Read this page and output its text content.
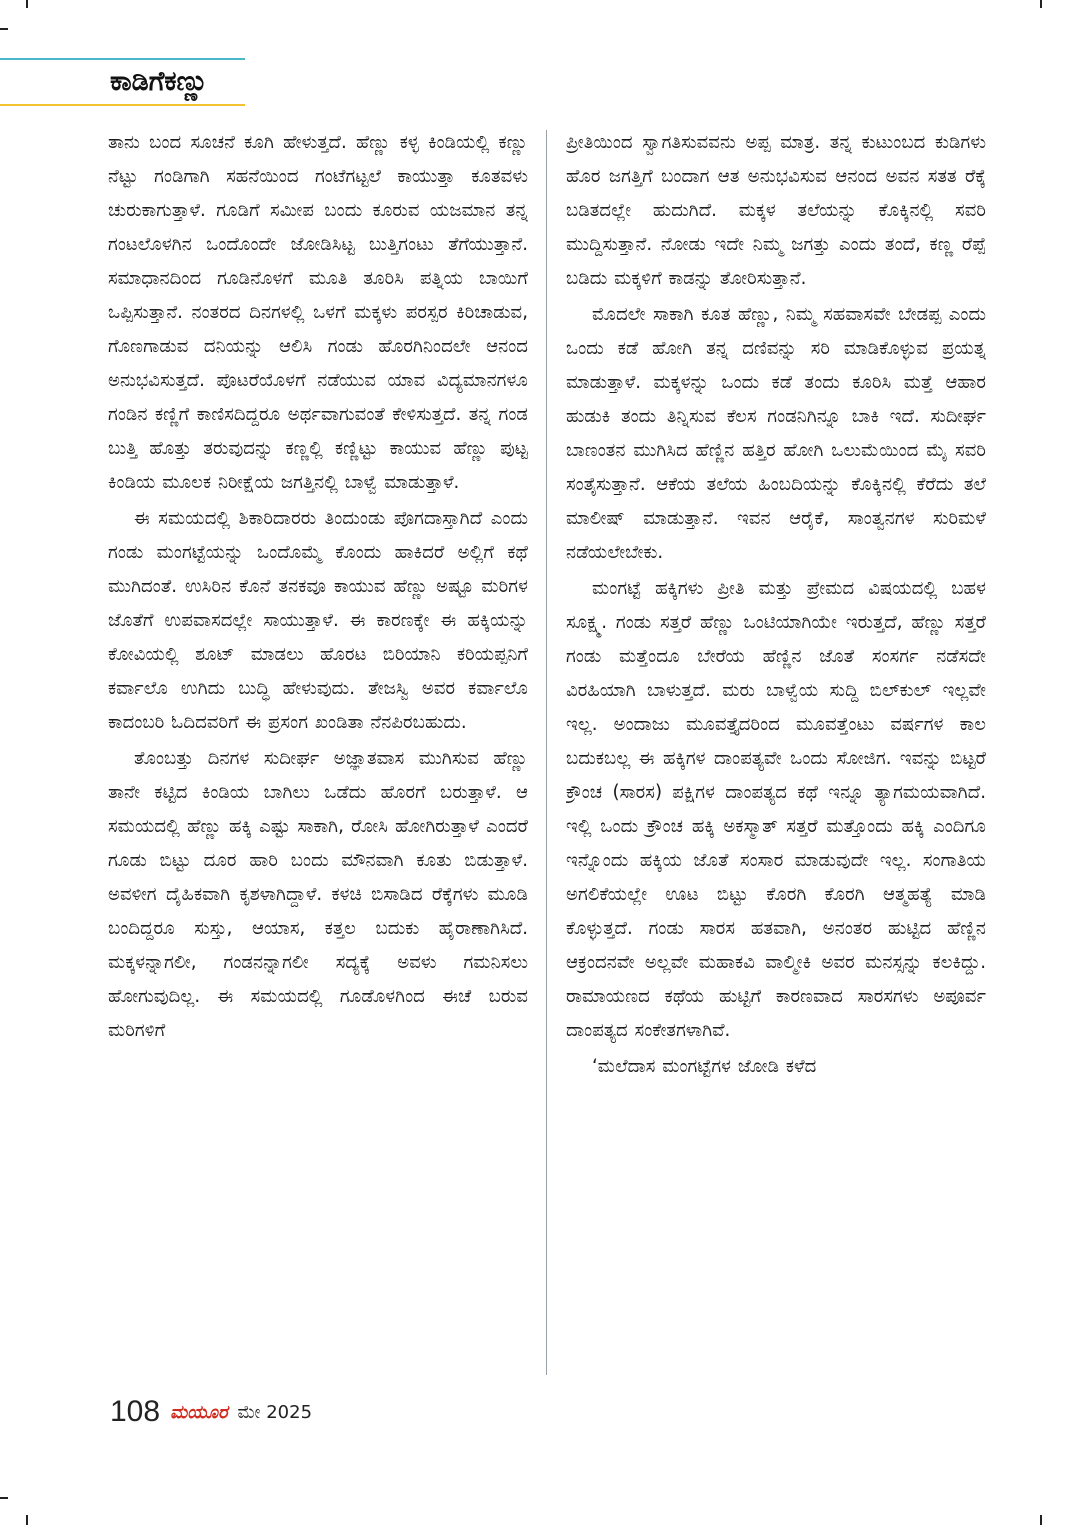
ಕಾಡಿಗೆಕಣ್ಣು

ತಾನು ಬಂದ ಸೂಚನೆ ಕೂಗಿ ಹೇಳುತ್ತದೆ. ಹೆಣ್ಣು ಕಳ್ಳ ಕಿಂಡಿಯಲ್ಲಿ ಕಣ್ಣು ನೆಟ್ಟು ಗಂಡಿಗಾಗಿ ಸಹನೆಯಿಂದ ಗಂಟೆಗಟ್ಟಲೆ ಕಾಯುತ್ತಾ ಕೂತವಳು ಚುರುಕಾಗುತ್ತಾಳೆ. ಗೂಡಿಗೆ ಸಮೀಪ ಬಂದು ಕೂರುವ ಯಜಮಾನ ತನ್ನ ಗಂಟಲೊಳಗಿನ ಒಂದೊಂದೇ ಜೋಡಿಸಿಟ್ಟ ಬುತ್ತಿಗಂಟು ತೆಗೆಯುತ್ತಾನೆ. ಸಮಾಧಾನದಿಂದ ಗೂಡಿನೊಳಗೆ ಮೂತಿ ತೂರಿಸಿ ಪತ್ನಿಯ ಬಾಯಿಗೆ ಒಪ್ಪಿಸುತ್ತಾನೆ. ನಂತರದ ದಿನಗಳಲ್ಲಿ ಒಳಗೆ ಮಕ್ಕಳು ಪರಸ್ಪರ ಕಿರಿಚಾಡುವ, ಗೊಣಗಾಡುವ ದನಿಯನ್ನು ಆಲಿಸಿ ಗಂಡು ಹೊರಗಿನಿಂದಲೇ ಆನಂದ ಅನುಭವಿಸುತ್ತದೆ. ಪೊಟರೆಯೊಳಗೆ ನಡೆಯುವ ಯಾವ ವಿದ್ಯಮಾನಗಳೂ ಗಂಡಿನ ಕಣ್ಣಿಗೆ ಕಾಣಿಸದಿದ್ದರೂ ಅರ್ಥವಾಗುವಂತೆ ಕೇಳಿಸುತ್ತದೆ. ತನ್ನ ಗಂಡ ಬುತ್ತಿ ಹೊತ್ತು ತರುವುದನ್ನು ಕಣ್ಣಲ್ಲಿ ಕಣ್ಣಿಟ್ಟು ಕಾಯುವ ಹೆಣ್ಣು ಪುಟ್ಟ ಕಿಂಡಿಯ ಮೂಲಕ ನಿರೀಕ್ಷೆಯ ಜಗತ್ತಿನಲ್ಲಿ ಬಾಳ್ವೆ ಮಾಡುತ್ತಾಳೆ.

ಈ ಸಮಯದಲ್ಲಿ ಶಿಕಾರಿದಾರರು ತಿಂದುಂಡು ಪೊಗದಾಸ್ತಾಗಿದೆ ಎಂದು ಗಂಡು ಮಂಗಟ್ಟೆಯನ್ನು ಒಂದೊಮ್ಮೆ ಕೊಂದು ಹಾಕಿದರೆ ಅಲ್ಲಿಗೆ ಕಥೆ ಮುಗಿದಂತೆ. ಉಸಿರಿನ ಕೊನೆ ತನಕವೂ ಕಾಯುವ ಹೆಣ್ಣು ಅಷ್ಟೂ ಮರಿಗಳ ಜೊತೆಗೆ ಉಪವಾಸದಲ್ಲೇ ಸಾಯುತ್ತಾಳೆ. ಈ ಕಾರಣಕ್ಕೇ ಈ ಹಕ್ಕಿಯನ್ನು ಕೋವಿಯಲ್ಲಿ ಶೂಟ್ ಮಾಡಲು ಹೊರಟ ಬಿರಿಯಾನಿ ಕರಿಯಪ್ಪನಿಗೆ ಕರ್ವಾಲೊ ಉಗಿದು ಬುದ್ಧಿ ಹೇಳುವುದು. ತೇಜಸ್ವಿ ಅವರ ಕರ್ವಾಲೊ ಕಾದಂಬರಿ ಓದಿದವರಿಗೆ ಈ ಪ್ರಸಂಗ ಖಂಡಿತಾ ನೆನಪಿರಬಹುದು.

ತೊಂಬತ್ತು ದಿನಗಳ ಸುದೀರ್ಘ ಅಜ್ಞಾತವಾಸ ಮುಗಿಸುವ ಹೆಣ್ಣು ತಾನೇ ಕಟ್ಟಿದ ಕಿಂಡಿಯ ಬಾಗಿಲು ಒಡೆದು ಹೊರಗೆ ಬರುತ್ತಾಳೆ. ಆ ಸಮಯದಲ್ಲಿ ಹೆಣ್ಣು ಹಕ್ಕಿ ಎಷ್ಟು ಸಾಕಾಗಿ, ರೋಸಿ ಹೋಗಿರುತ್ತಾಳೆ ಎಂದರೆ ಗೂಡು ಬಿಟ್ಟು ದೂರ ಹಾರಿ ಬಂದು ಮೌನವಾಗಿ ಕೂತು ಬಿಡುತ್ತಾಳೆ. ಅವಳೀಗ ದೈಹಿಕವಾಗಿ ಕೃಶಳಾಗಿದ್ದಾಳೆ. ಕಳಚಿ ಬಿಸಾಡಿದ ರೆಕ್ಕೆಗಳು ಮೂಡಿ ಬಂದಿದ್ದರೂ ಸುಸ್ತು, ಆಯಾಸ, ಕತ್ತಲ ಬದುಕು ಹೈರಾಣಾಗಿಸಿದೆ. ಮಕ್ಕಳನ್ನಾಗಲೀ, ಗಂಡನನ್ನಾಗಲೀ ಸದ್ಯಕ್ಕೆ ಅವಳು ಗಮನಿಸಲು ಹೋಗುವುದಿಲ್ಲ. ಈ ಸಮಯದಲ್ಲಿ ಗೂಡೊಳಗಿಂದ ಈಚೆ ಬರುವ ಮರಿಗಳಿಗೆ

ಪ್ರೀತಿಯಿಂದ ಸ್ವಾಗತಿಸುವವನು ಅಪ್ಪ ಮಾತ್ರ. ತನ್ನ ಕುಟುಂಬದ ಕುಡಿಗಳು ಹೊರ ಜಗತ್ತಿಗೆ ಬಂದಾಗ ಆತ ಅನುಭವಿಸುವ ಆನಂದ ಅವನ ಸತತ ರೆಕ್ಕೆ ಬಡಿತದಲ್ಲೇ ಹುದುಗಿದೆ. ಮಕ್ಕಳ ತಲೆಯನ್ನು ಕೊಕ್ಕಿನಲ್ಲಿ ಸವರಿ ಮುದ್ದಿಸುತ್ತಾನೆ. ನೋಡು ಇದೇ ನಿಮ್ಮ ಜಗತ್ತು ಎಂದು ತಂದೆ, ಕಣ್ಣ ರೆಪ್ಪೆ ಬಡಿದು ಮಕ್ಕಳಿಗೆ ಕಾಡನ್ನು ತೋರಿಸುತ್ತಾನೆ.

ಮೊದಲೇ ಸಾಕಾಗಿ ಕೂತ ಹೆಣ್ಣು, ನಿಮ್ಮ ಸಹವಾಸವೇ ಬೇಡಪ್ಪ ಎಂದು ಒಂದು ಕಡೆ ಹೋಗಿ ತನ್ನ ದಣಿವನ್ನು ಸರಿ ಮಾಡಿಕೊಳ್ಳುವ ಪ್ರಯತ್ನ ಮಾಡುತ್ತಾಳೆ. ಮಕ್ಕಳನ್ನು ಒಂದು ಕಡೆ ತಂದು ಕೂರಿಸಿ ಮತ್ತೆ ಆಹಾರ ಹುಡುಕಿ ತಂದು ತಿನ್ನಿಸುವ ಕೆಲಸ ಗಂಡನಿಗಿನ್ನೂ ಬಾಕಿ ಇದೆ. ಸುದೀರ್ಘ ಬಾಣಂತನ ಮುಗಿಸಿದ ಹೆಣ್ಣಿನ ಹತ್ತಿರ ಹೋಗಿ ಒಲುಮೆಯಿಂದ ಮೈ ಸವರಿ ಸಂತೈಸುತ್ತಾನೆ. ಆಕೆಯ ತಲೆಯ ಹಿಂಬದಿಯನ್ನು ಕೊಕ್ಕಿನಲ್ಲಿ ಕೆರೆದು ತಲೆ ಮಾಲೀಷ್ ಮಾಡುತ್ತಾನೆ. ಇವನ ಆರೈಕೆ, ಸಾಂತ್ವನಗಳ ಸುರಿಮಳೆ ನಡೆಯಲೇಬೇಕು.

ಮಂಗಟ್ಟೆ ಹಕ್ಕಿಗಳು ಪ್ರೀತಿ ಮತ್ತು ಪ್ರೇಮದ ವಿಷಯದಲ್ಲಿ ಬಹಳ ಸೂಕ್ಷ್ಮ. ಗಂಡು ಸತ್ತರೆ ಹೆಣ್ಣು ಒಂಟಿಯಾಗಿಯೇ ಇರುತ್ತದೆ, ಹೆಣ್ಣು ಸತ್ತರೆ ಗಂಡು ಮತ್ತೆಂದೂ ಬೇರೆಯ ಹೆಣ್ಣಿನ ಜೊತೆ ಸಂಸರ್ಗ ನಡೆಸದೇ ವಿರಹಿಯಾಗಿ ಬಾಳುತ್ತದೆ. ಮರು ಬಾಳ್ವೆಯ ಸುದ್ದಿ ಬಿಲ್‌ಕುಲ್ ಇಲ್ಲವೇ ಇಲ್ಲ. ಅಂದಾಜು ಮೂವತ್ತೈದರಿಂದ ಮೂವತ್ತೆಂಟು ವರ್ಷಗಳ ಕಾಲ ಬದುಕಬಲ್ಲ ಈ ಹಕ್ಕಿಗಳ ದಾಂಪತ್ಯವೇ ಒಂದು ಸೋಜಿಗ. ಇವನ್ನು ಬಿಟ್ಟರೆ ಕ್ರೌಂಚ (ಸಾರಸ) ಪಕ್ಷಿಗಳ ದಾಂಪತ್ಯದ ಕಥೆ ಇನ್ನೂ ತ್ಯಾಗಮಯವಾಗಿದೆ. ಇಲ್ಲಿ ಒಂದು ಕ್ರೌಂಚ ಹಕ್ಕಿ ಅಕಸ್ಮಾತ್ ಸತ್ತರೆ ಮತ್ತೊಂದು ಹಕ್ಕಿ ಎಂದಿಗೂ ಇನ್ನೊಂದು ಹಕ್ಕಿಯ ಜೊತೆ ಸಂಸಾರ ಮಾಡುವುದೇ ಇಲ್ಲ. ಸಂಗಾತಿಯ ಅಗಲಿಕೆಯಲ್ಲೇ ಊಟ ಬಿಟ್ಟು ಕೊರಗಿ ಕೊರಗಿ ಆತ್ಮಹತ್ಯೆ ಮಾಡಿ ಕೊಳ್ಳುತ್ತದೆ. ಗಂಡು ಸಾರಸ ಹತವಾಗಿ, ಅನಂತರ ಹುಟ್ಟಿದ ಹೆಣ್ಣಿನ ಆಕ್ರಂದನವೇ ಅಲ್ಲವೇ ಮಹಾಕವಿ ವಾಲ್ಮೀಕಿ ಅವರ ಮನಸ್ಸನ್ನು ಕಲಕಿದ್ದು. ರಾಮಾಯಣದ ಕಥೆಯ ಹುಟ್ಟಿಗೆ ಕಾರಣವಾದ ಸಾರಸಗಳು ಅಪೂರ್ವ ದಾಂಪತ್ಯದ ಸಂಕೇತಗಳಾಗಿವೆ.

‘ಮಲೆದಾಸ ಮಂಗಟ್ಟೆಗಳ ಜೋಡಿ ಕಳೆದ

108 ಮಯೂರ ಮೇ 2025
